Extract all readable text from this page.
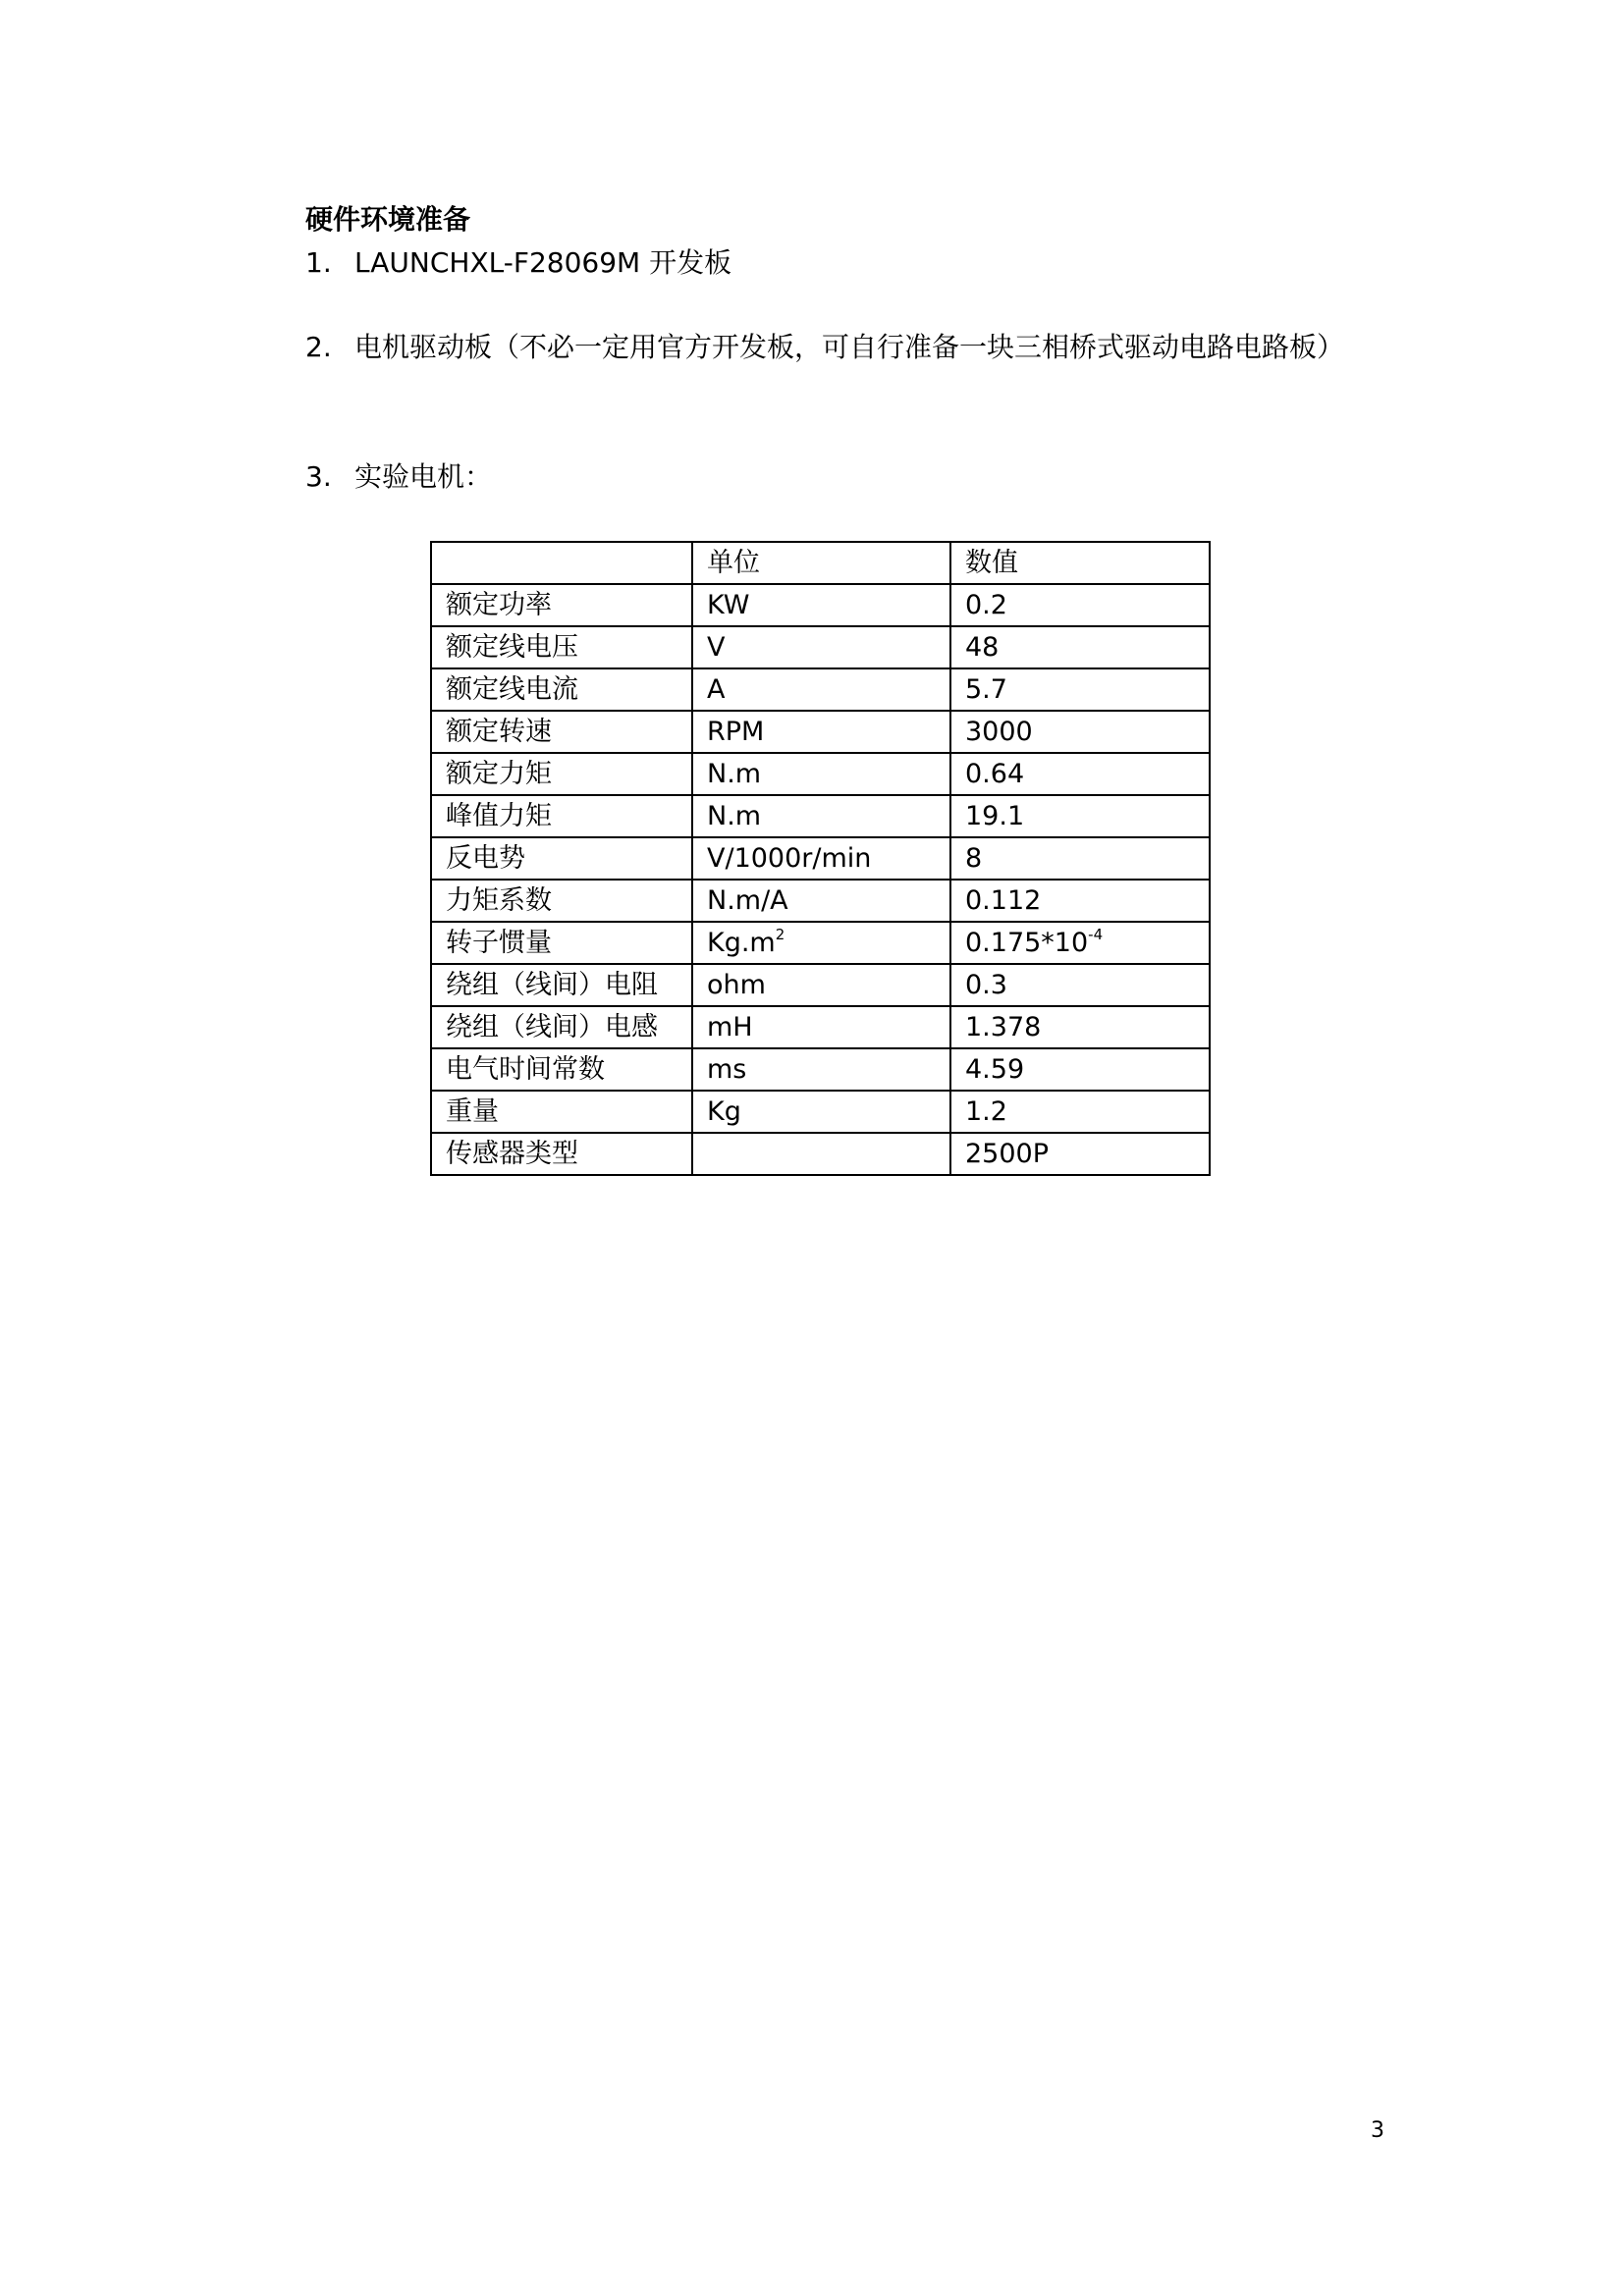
硬件环境准备
1. LAUNCHXL-F28069M 开发板
2. 电机驱动板（不必一定用官方开发板，可自行准备一块三相桥式驱动电路电路板）
3. 实验电机：
	单位	数值
额定功率	KW	0.2
额定线电压	V	48
额定线电流	A	5.7
额定转速	RPM	3000
额定力矩	N.m	0.64
峰值力矩	N.m	19.1
反电势	V/1000r/min	8
力矩系数	N.m/A	0.112
转子惯量	$Kg.m^2$	$0.175*10^{-4}$
绕组（线间）电阻	ohm	0.3
绕组（线间）电感	mH	1.378
电气时间常数	ms	4.59
重量	Kg	1.2
传感器类型		2500P
3
